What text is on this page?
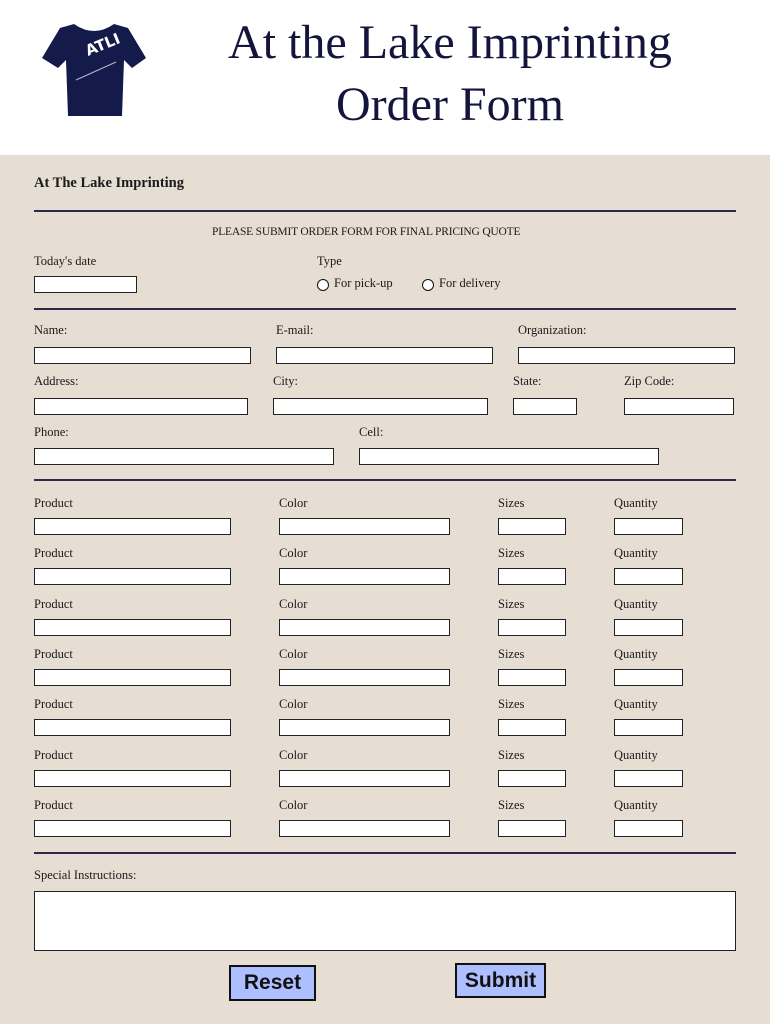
ATLI	At the Lake Imprinting
Order Form
At The Lake Imprinting
PLEASE SUBMIT ORDER FORM FOR FINAL PRICING QUOTE
Today's date	Type
For pick-up	For delivery
Name:	E-mail:	Organization:
Address:	City:	State:	Zip Code:
Phone:	Cell:
Product	Color	Sizes	Quantity
Product	Color	Sizes	Quantity
Product	Color	Sizes	Quantity
Product	Color	Sizes	Quantity
Product	Color	Sizes	Quantity
Product	Color	Sizes	Quantity
Product	Color	Sizes	Quantity
Special Instructions:
Reset	Submit
